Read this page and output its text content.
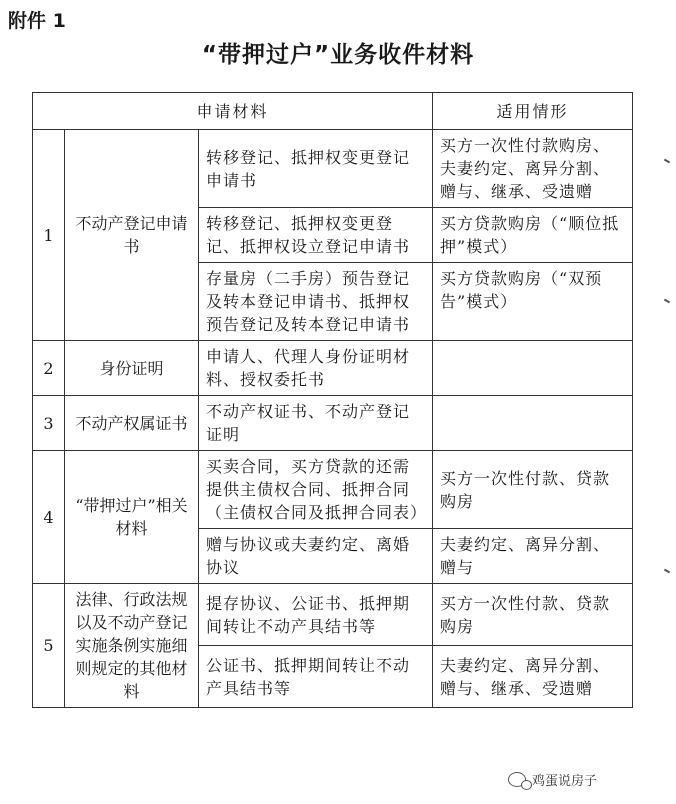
附件 1
“带押过户”业务收件材料
申请材料			适用情形
1	不动产登记申请书	转移登记、抵押权变更登记申请书	买方一次性付款购房、夫妻约定、离异分割、赠与、继承、受遗赠
		转移登记、抵押权变更登记、抵押权设立登记申请书	买方贷款购房（“顺位抵押”模式）
		存量房（二手房）预告登记及转本登记申请书、抵押权预告登记及转本登记申请书	买方贷款购房（“双预告”模式）
2	身份证明	申请人、代理人身份证明材料、授权委托书	
3	不动产权属证书	不动产权证书、不动产登记证明	
4	“带押过户”相关材料	买卖合同，买方贷款的还需提供主债权合同、抵押合同（主债权合同及抵押合同表）	买方一次性付款、贷款购房
		赠与协议或夫妻约定、离婚协议	夫妻约定、离异分割、赠与
5	法律、行政法规以及不动产登记实施条例实施细则规定的其他材料	提存协议、公证书、抵押期间转让不动产具结书等	买方一次性付款、贷款购房
		公证书、抵押期间转让不动产具结书等	夫妻约定、离异分割、赠与、继承、受遗赠
鸡蛋说房子
